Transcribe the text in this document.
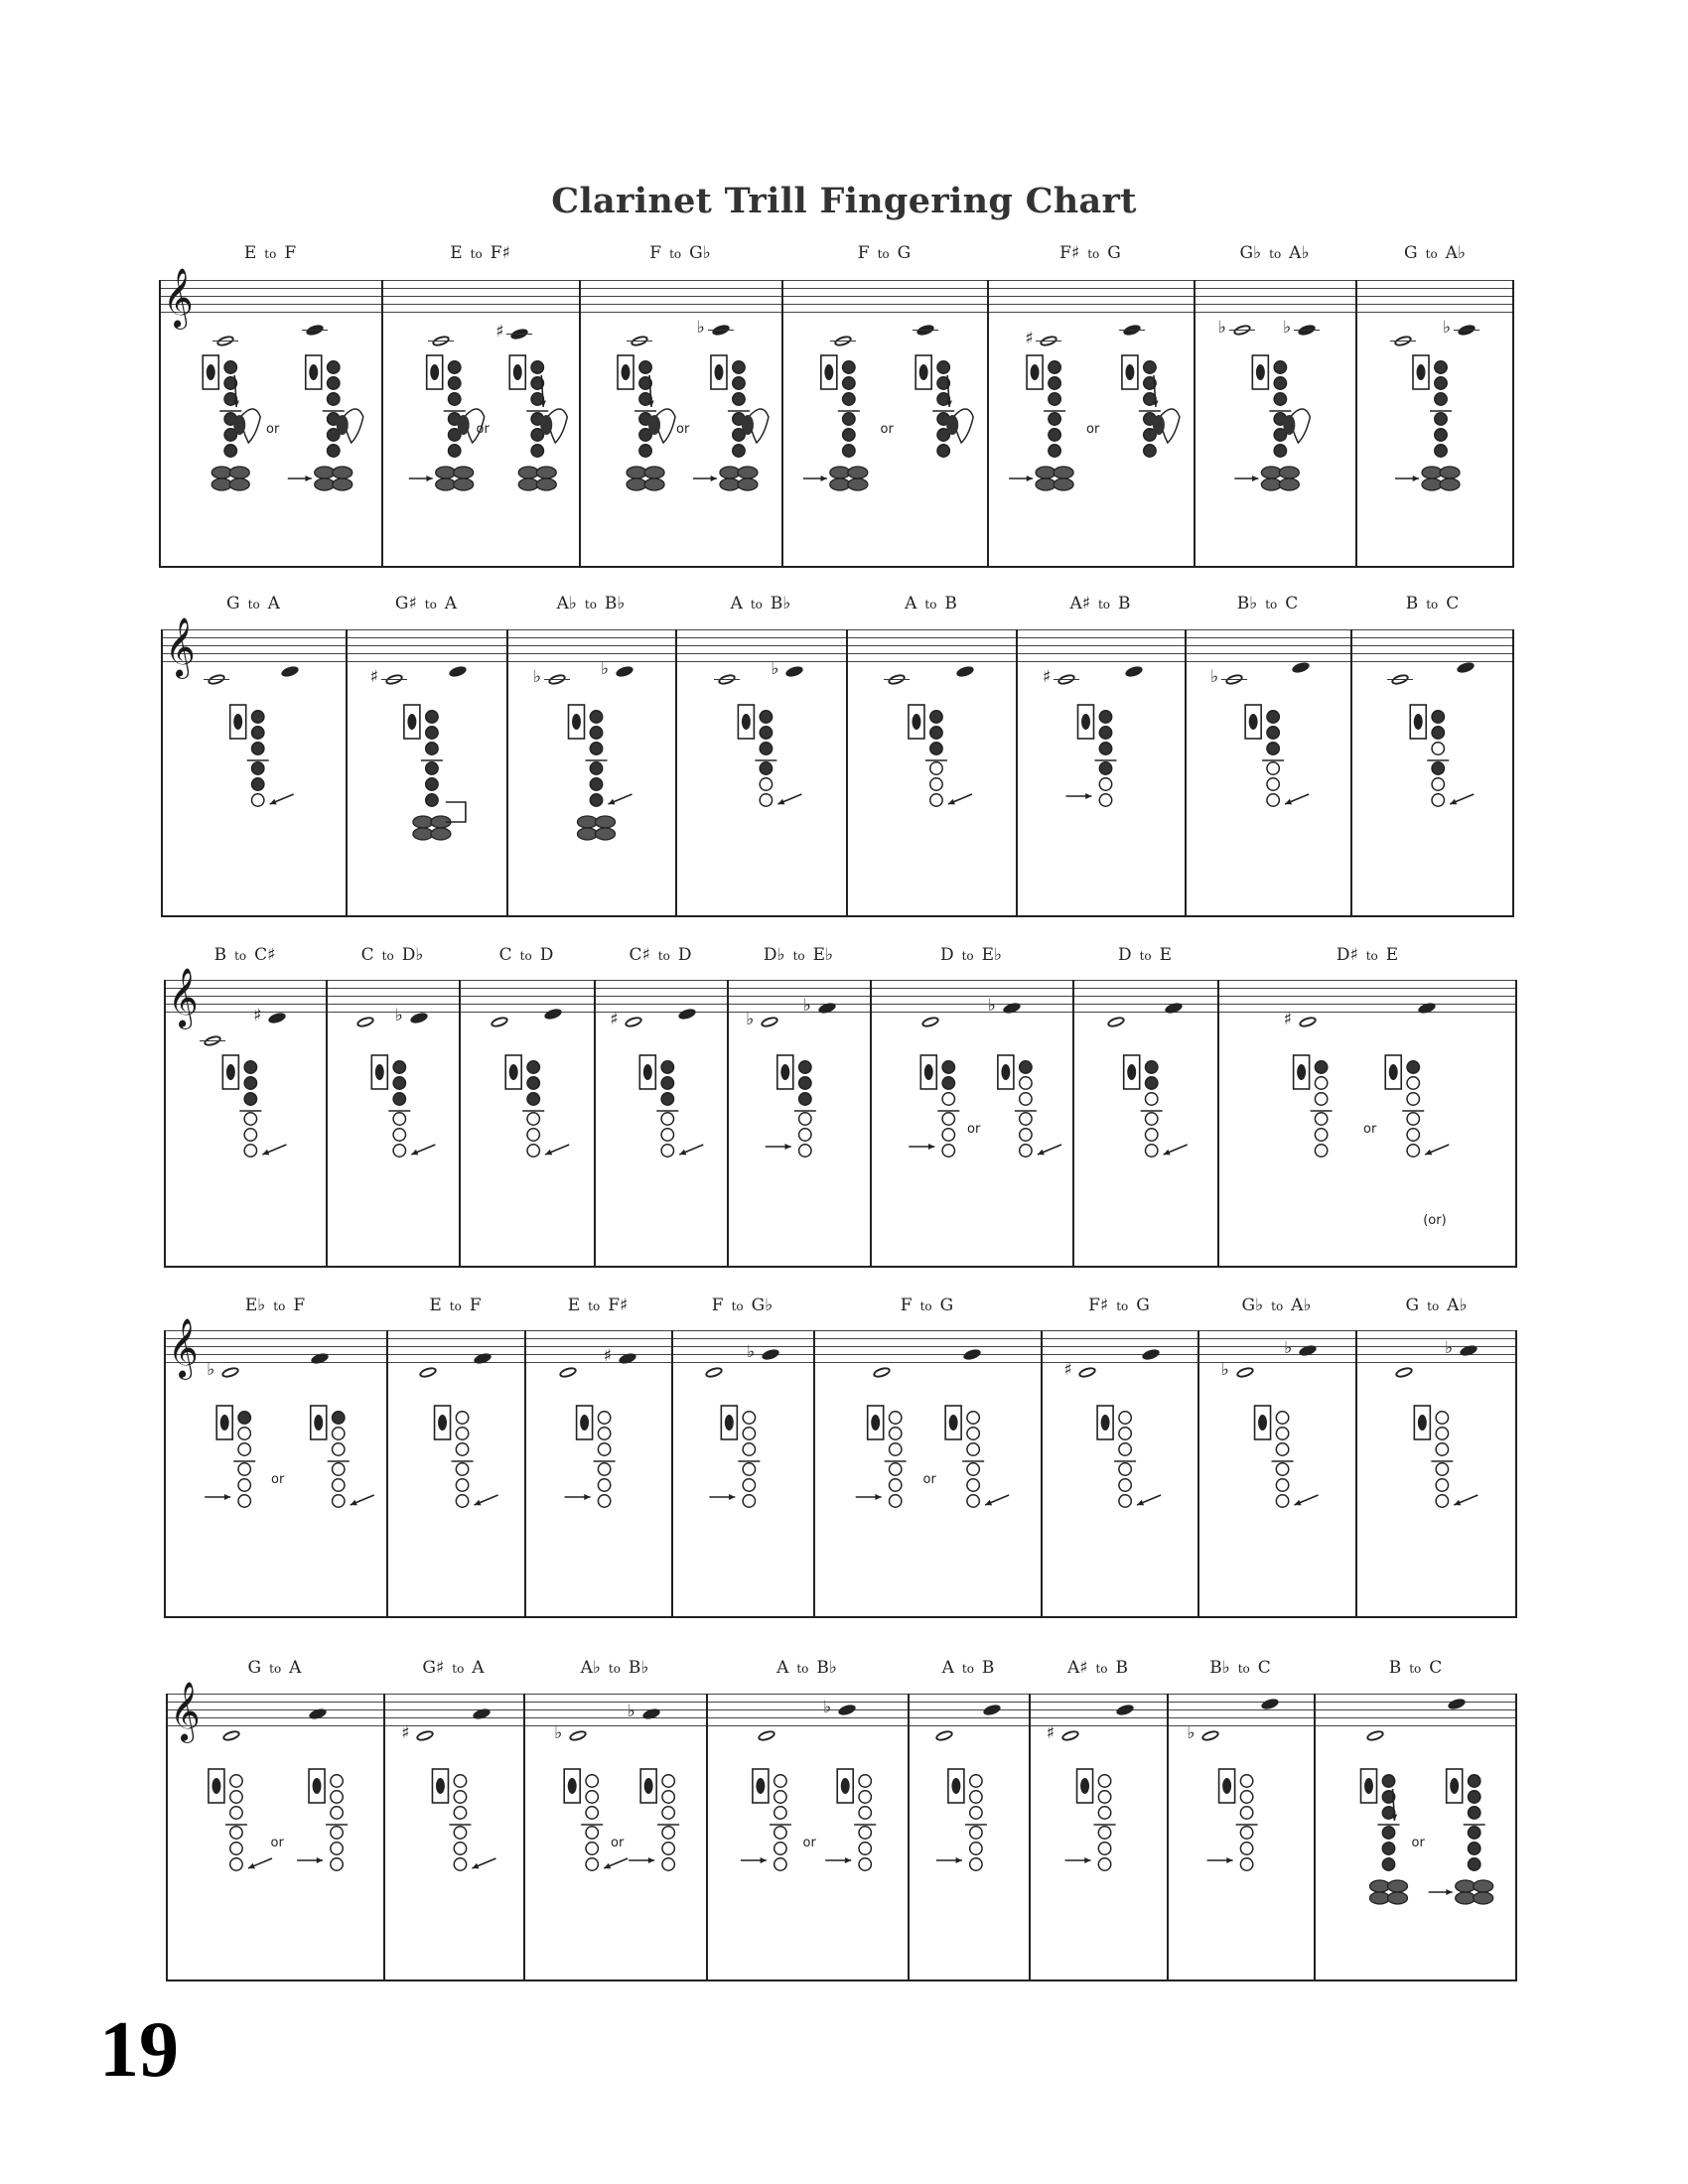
Clarinet Trill Fingering Chart
𝄞
E to F
or
E to F♯
♯
or
F to G♭
♭
or
F to G
or
F♯ to G
♯
or
G♭ to A♭
♭	♭
G to A♭
♭
𝄞
G to A	G♯ to A
♯
A♭ to B♭
♭	♭
A to B♭
♭
A to B	A♯ to B
♯
B♭ to C
♭
B to C
𝄞
B to C♯
♯
C to D♭
♭
C to D	C♯ to D
♯
D♭ to E♭
♭
♭
D to E♭
♭
or
D to E	D♯ to E
♯
or
(or)
𝄞
E♭ to F
♭
or
E to F	E to F♯
♯
F to G♭
♭
F to G
or
F♯ to G
♯
G♭ to A♭
♭
♭
G to A♭
♭
𝄞
G to A
or
G♯ to A
♯
A♭ to B♭
♭
♭
or
A to B♭
♭
or
A to B	A♯ to B
♯
B♭ to C
♭
B to C
or
19
